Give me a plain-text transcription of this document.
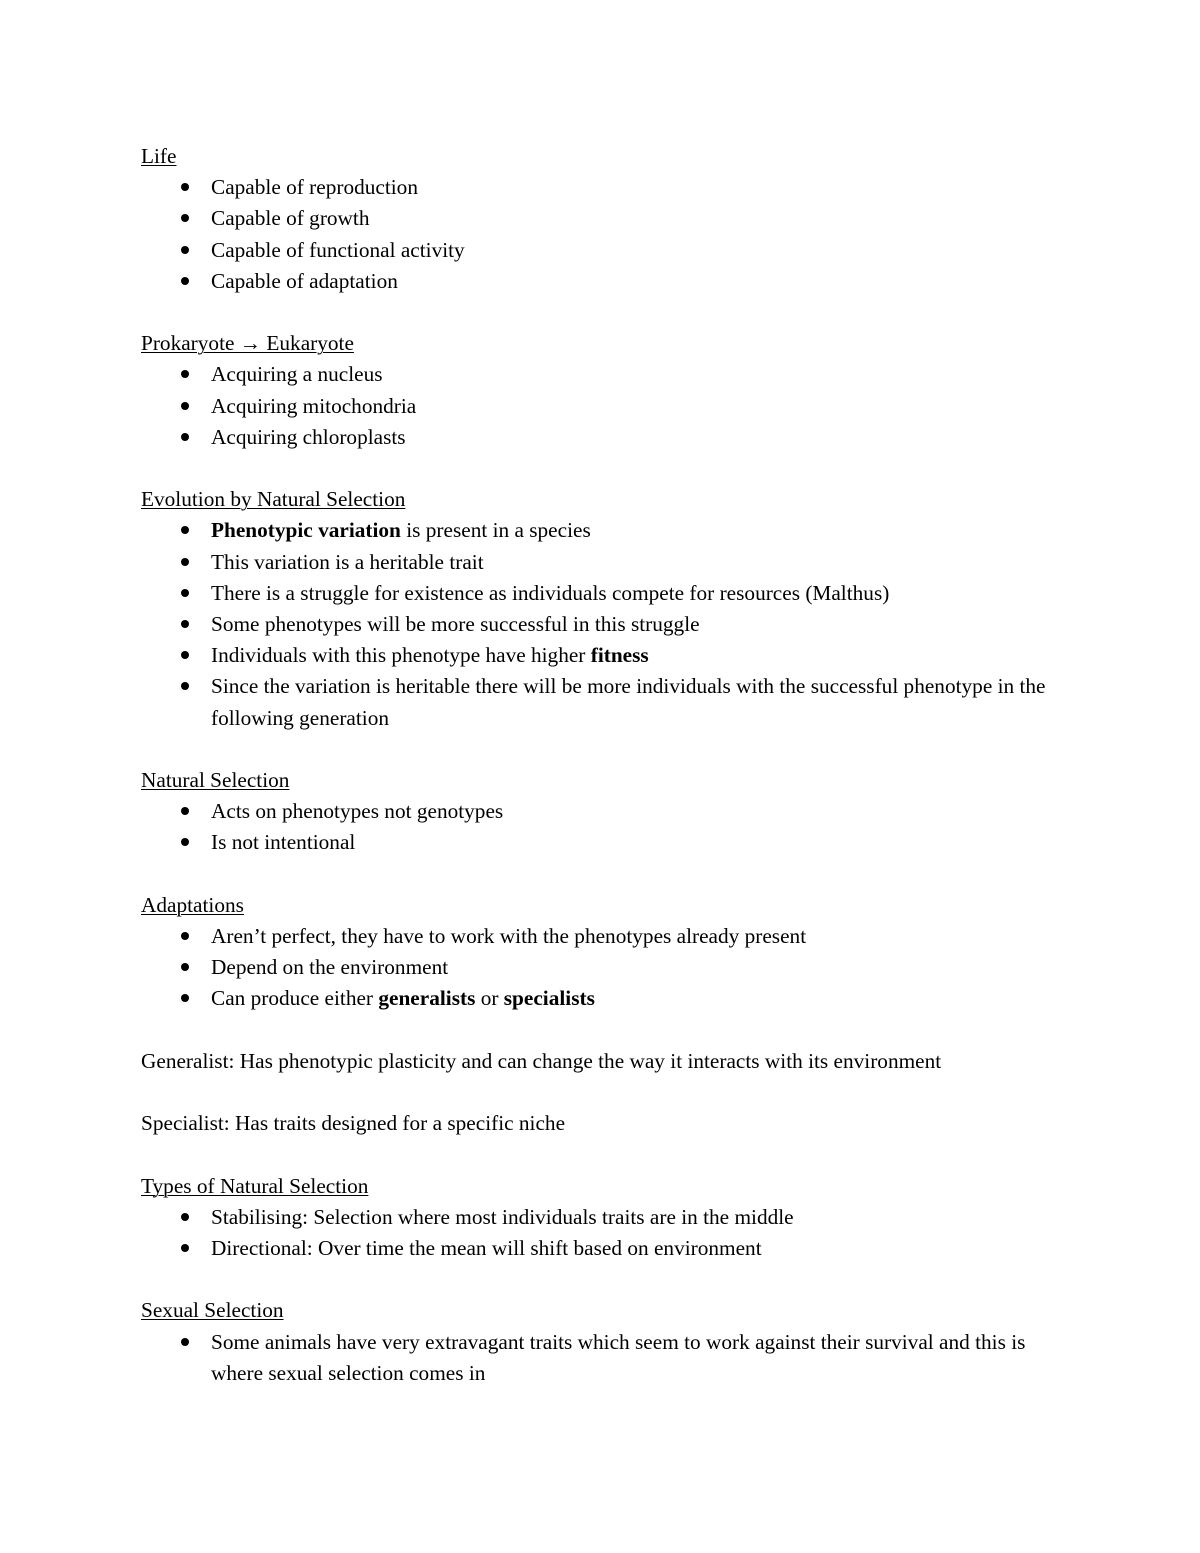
Life

Capable of reproduction
Capable of growth
Capable of functional activity
Capable of adaptation

Prokaryote → Eukaryote

Acquiring a nucleus
Acquiring mitochondria
Acquiring chloroplasts

Evolution by Natural Selection

Phenotypic variation is present in a species
This variation is a heritable trait
There is a struggle for existence as individuals compete for resources (Malthus)
Some phenotypes will be more successful in this struggle
Individuals with this phenotype have higher fitness
Since the variation is heritable there will be more individuals with the successful phenotype in the following generation

Natural Selection

Acts on phenotypes not genotypes
Is not intentional

Adaptations

Aren’t perfect, they have to work with the phenotypes already present
Depend on the environment
Can produce either generalists or specialists

Generalist: Has phenotypic plasticity and can change the way it interacts with its environment

Specialist: Has traits designed for a specific niche

Types of Natural Selection

Stabilising: Selection where most individuals traits are in the middle
Directional: Over time the mean will shift based on environment

Sexual Selection

Some animals have very extravagant traits which seem to work against their survival and this is where sexual selection comes in
